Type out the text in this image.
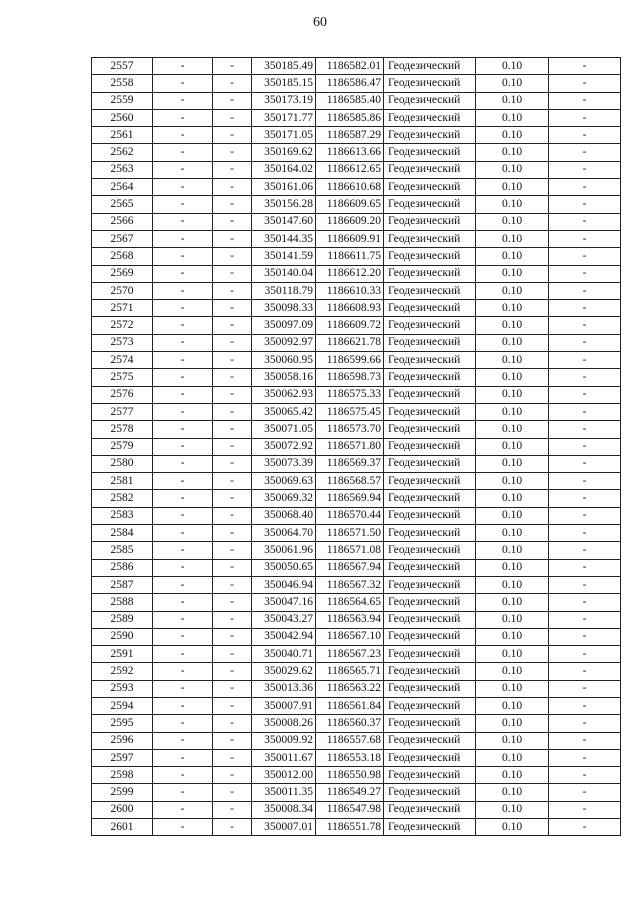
60
2557	-	-	350185.49	1186582.01	Геодезический	0.10	-
2558	-	-	350185.15	1186586.47	Геодезический	0.10	-
2559	-	-	350173.19	1186585.40	Геодезический	0.10	-
2560	-	-	350171.77	1186585.86	Геодезический	0.10	-
2561	-	-	350171.05	1186587.29	Геодезический	0.10	-
2562	-	-	350169.62	1186613.66	Геодезический	0.10	-
2563	-	-	350164.02	1186612.65	Геодезический	0.10	-
2564	-	-	350161.06	1186610.68	Геодезический	0.10	-
2565	-	-	350156.28	1186609.65	Геодезический	0.10	-
2566	-	-	350147.60	1186609.20	Геодезический	0.10	-
2567	-	-	350144.35	1186609.91	Геодезический	0.10	-
2568	-	-	350141.59	1186611.75	Геодезический	0.10	-
2569	-	-	350140.04	1186612.20	Геодезический	0.10	-
2570	-	-	350118.79	1186610.33	Геодезический	0.10	-
2571	-	-	350098.33	1186608.93	Геодезический	0.10	-
2572	-	-	350097.09	1186609.72	Геодезический	0.10	-
2573	-	-	350092.97	1186621.78	Геодезический	0.10	-
2574	-	-	350060.95	1186599.66	Геодезический	0.10	-
2575	-	-	350058.16	1186598.73	Геодезический	0.10	-
2576	-	-	350062.93	1186575.33	Геодезический	0.10	-
2577	-	-	350065.42	1186575.45	Геодезический	0.10	-
2578	-	-	350071.05	1186573.70	Геодезический	0.10	-
2579	-	-	350072.92	1186571.80	Геодезический	0.10	-
2580	-	-	350073.39	1186569.37	Геодезический	0.10	-
2581	-	-	350069.63	1186568.57	Геодезический	0.10	-
2582	-	-	350069.32	1186569.94	Геодезический	0.10	-
2583	-	-	350068.40	1186570.44	Геодезический	0.10	-
2584	-	-	350064.70	1186571.50	Геодезический	0.10	-
2585	-	-	350061.96	1186571.08	Геодезический	0.10	-
2586	-	-	350050.65	1186567.94	Геодезический	0.10	-
2587	-	-	350046.94	1186567.32	Геодезический	0.10	-
2588	-	-	350047.16	1186564.65	Геодезический	0.10	-
2589	-	-	350043.27	1186563.94	Геодезический	0.10	-
2590	-	-	350042.94	1186567.10	Геодезический	0.10	-
2591	-	-	350040.71	1186567.23	Геодезический	0.10	-
2592	-	-	350029.62	1186565.71	Геодезический	0.10	-
2593	-	-	350013.36	1186563.22	Геодезический	0.10	-
2594	-	-	350007.91	1186561.84	Геодезический	0.10	-
2595	-	-	350008.26	1186560.37	Геодезический	0.10	-
2596	-	-	350009.92	1186557.68	Геодезический	0.10	-
2597	-	-	350011.67	1186553.18	Геодезический	0.10	-
2598	-	-	350012.00	1186550.98	Геодезический	0.10	-
2599	-	-	350011.35	1186549.27	Геодезический	0.10	-
2600	-	-	350008.34	1186547.98	Геодезический	0.10	-
2601	-	-	350007.01	1186551.78	Геодезический	0.10	-
